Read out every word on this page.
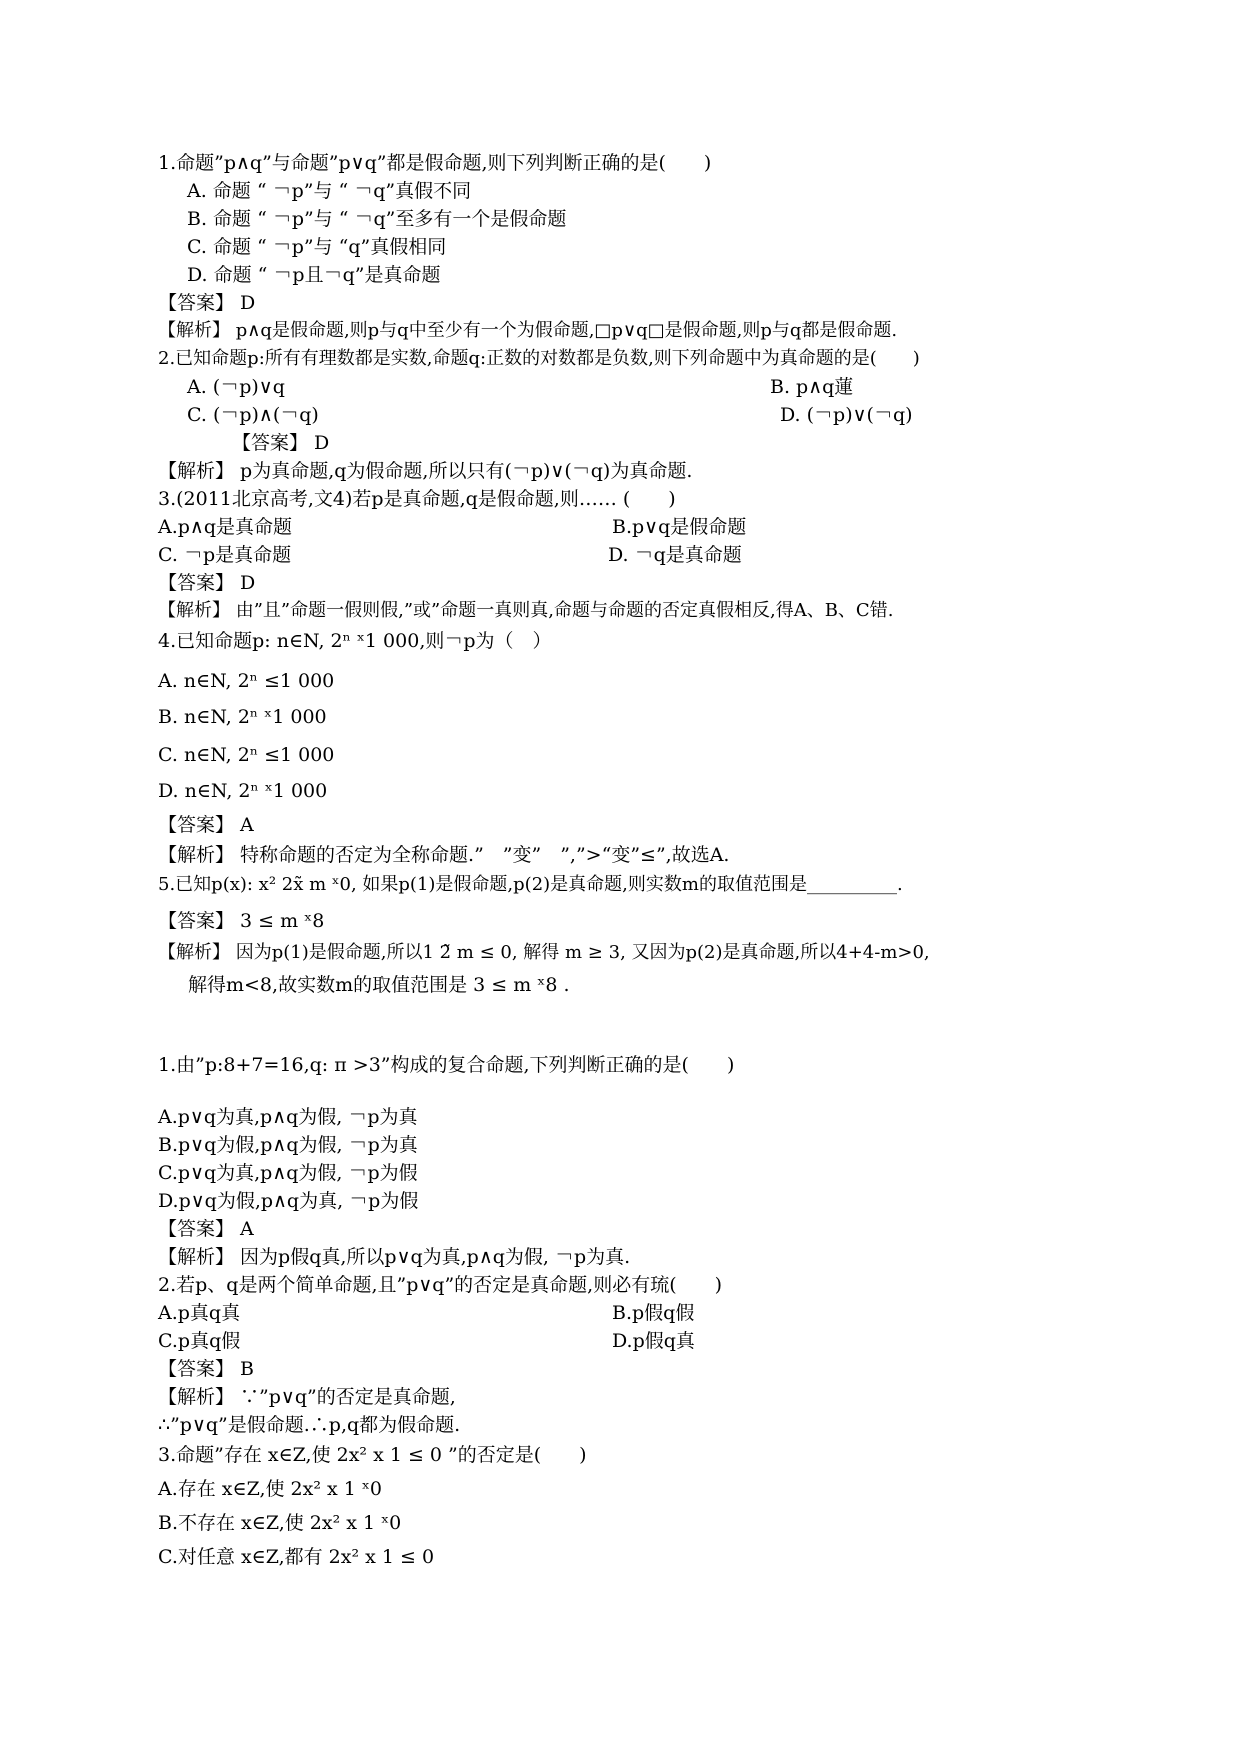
1.命题”p∧q”与命题”p∨q”都是假命题,则下列判断正确的是(　　)
A. 命题 “ ￢p”与 “ ￢q”真假不同
B. 命题 “ ￢p”与 “ ￢q”至多有一个是假命题
C. 命题 “ ￢p”与 “q”真假相同
D. 命题 “ ￢p且￢q”是真命题
【答案】 D
【解析】 p∧q是假命题,则p与q中至少有一个为假命题,□p∨q□是假命题,则p与q都是假命题.
2.已知命题p:所有有理数都是实数,命题q:正数的对数都是负数,则下列命题中为真命题的是(　　)
A. (￢p)∨q	B. p∧q蓮
C. (￢p)∧(￢q)	D. (￢p)∨(￢q)
【答案】 D
【解析】 p为真命题,q为假命题,所以只有(￢p)∨(￢q)为真命题.
3.(2011北京高考,文4)若p是真命题,q是假命题,则…… (　　)
A.p∧q是真命题	B.p∨q是假命题
C. ￢p是真命题	D. ￢q是真命题
【答案】 D
【解析】 由”且”命题一假则假,”或”命题一真则真,命题与命题的否定真假相反,得A、B、C错.
4.已知命题p: n∈N, 2ⁿ ˣ1 000,则￢p为（　）
A. n∈N, 2ⁿ ≤1 000
B. n∈N, 2ⁿ ˣ1 000
C. n∈N, 2ⁿ ≤1 000
D. n∈N, 2ⁿ ˣ1 000
【答案】 A
【解析】 特称命题的否定为全称命题.”　”变”　”,”>“变”≤”,故选A.
5.已知p(x): x² 2x̃ m ˣ0, 如果p(1)是假命题,p(2)是真命题,则实数m的取值范围是__________.
【答案】 3 ≤ m ˣ8
【解析】 因为p(1)是假命题,所以1 2̃ m ≤ 0, 解得 m ≥ 3, 又因为p(2)是真命题,所以4+4-m>0,
解得m<8,故实数m的取值范围是 3 ≤ m ˣ8 .
1.由”p:8+7=16,q: π >3”构成的复合命题,下列判断正确的是(　　)
A.p∨q为真,p∧q为假, ￢p为真
B.p∨q为假,p∧q为假, ￢p为真
C.p∨q为真,p∧q为假, ￢p为假
D.p∨q为假,p∧q为真, ￢p为假
【答案】 A
【解析】 因为p假q真,所以p∨q为真,p∧q为假, ￢p为真.
2.若p、q是两个简单命题,且”p∨q”的否定是真命题,则必有琉(　　)
A.p真q真	B.p假q假
C.p真q假	D.p假q真
【答案】 B
【解析】 ∵”p∨q”的否定是真命题,
∴”p∨q”是假命题.∴p,q都为假命题.
3.命题”存在 x∈Z,使 2x² x 1 ≤ 0 ”的否定是(　　)
A.存在 x∈Z,使 2x² x 1 ˣ0
B.不存在 x∈Z,使 2x² x 1 ˣ0
C.对任意 x∈Z,都有 2x² x 1 ≤ 0
